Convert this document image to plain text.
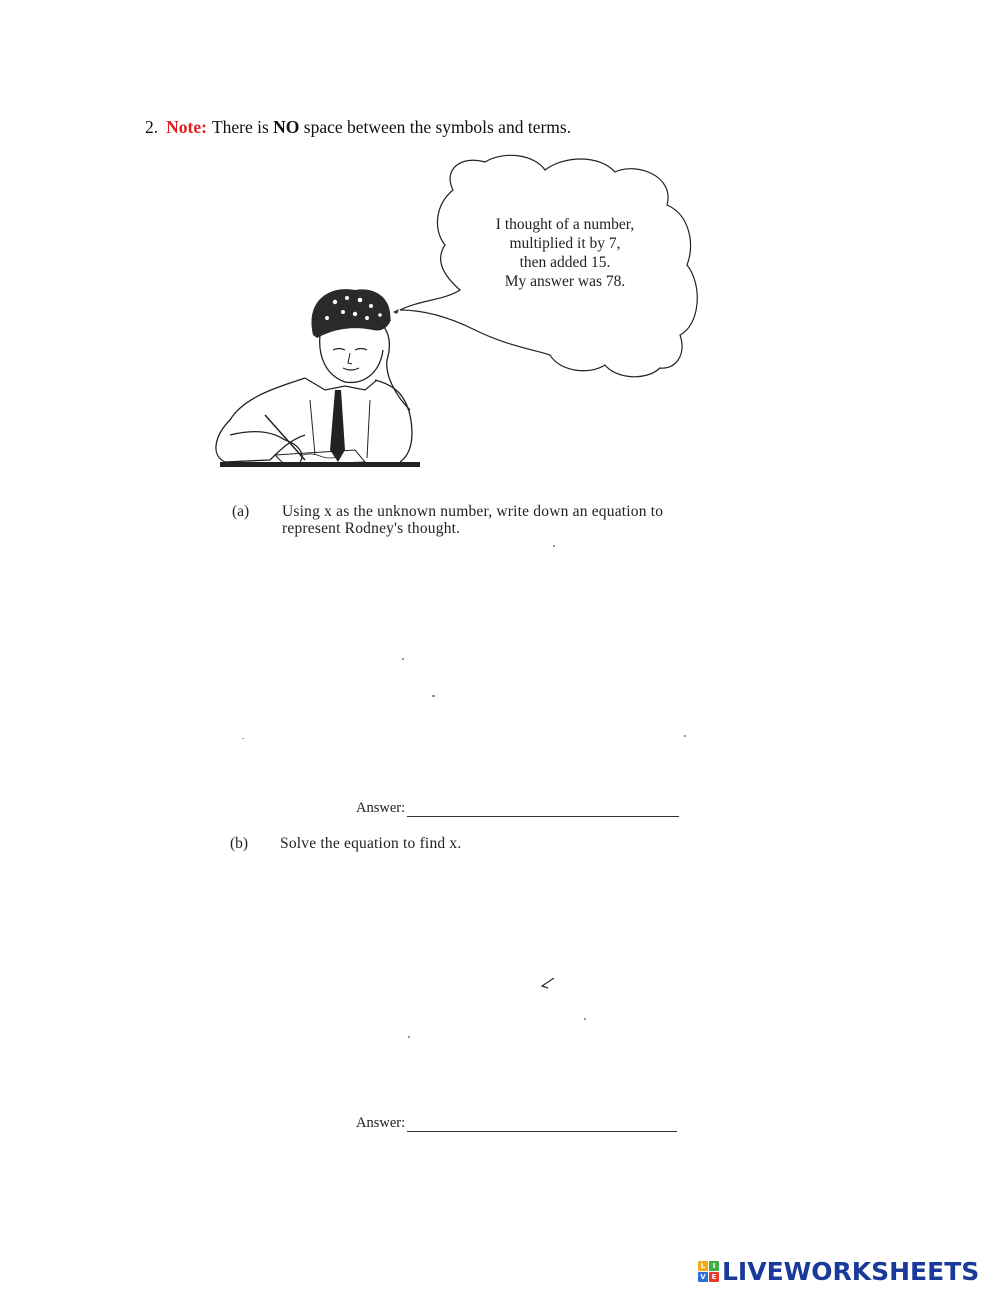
2. Note: There is NO space between the symbols and terms.
I thought of a number,
multiplied it by 7,
then added 15.
My answer was 78.
(a) Using x as the unknown number, write down an equation to
represent Rodney's thought.
Answer:
(b) Solve the equation to find x.
Answer:
L	I
V E LIVEWORKSHEETS
